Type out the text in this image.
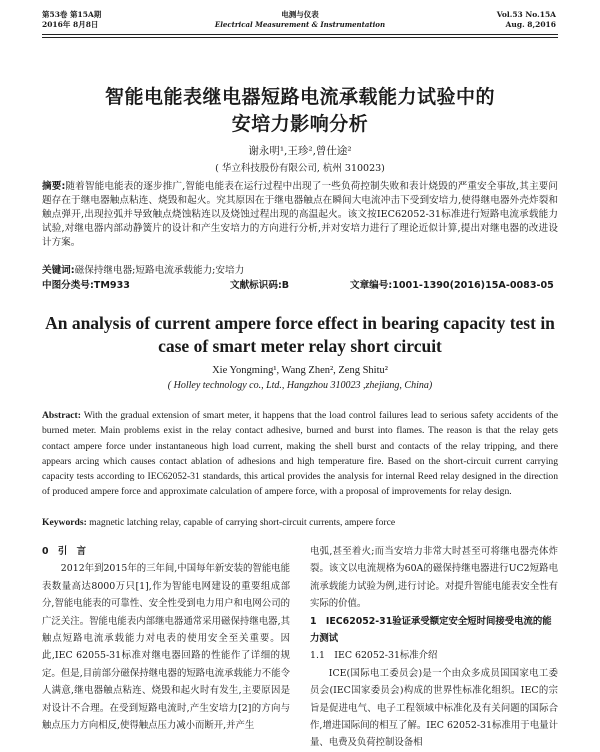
第53卷 第15A期
2016年 8月8日
电测与仪表
Electrical Measurement & Instrumentation
Vol.53 No.15A
Aug. 8,2016
智能电能表继电器短路电流承载能力试验中的
安培力影响分析
谢永明¹,王珍²,曾仕途²
( 华立科技股份有限公司, 杭州 310023)
摘要:随着智能电能表的逐步推广,智能电能表在运行过程中出现了一些负荷控制失败和表计烧毁的严重安全事故,其主要问题存在于继电器触点粘连、烧毁和起火。究其原因在于继电器触点在瞬间大电流冲击下受到安培力,使得继电器外壳炸裂和触点弹开,出现拉弧并导致触点烧蚀粘连以及烧蚀过程出现的高温起火。该文按IEC62052-31标准进行短路电流承载能力试验,对继电器内部动静簧片的设计和产生安培力的方向进行分析,并对安培力进行了理论近似计算,提出对继电器的改进设计方案。
关键词:磁保持继电器;短路电流承载能力;安培力
中图分类号:TM933	文献标识码:B	文章编号:1001-1390(2016)15A-0083-05
An analysis of current ampere force effect in bearing capacity test in
case of smart meter relay short circuit
Xie Yongming¹, Wang Zhen², Zeng Shitu²
( Holley technology co., Ltd., Hangzhou 310023 ,zhejiang, China)
Abstract: With the gradual extension of smart meter, it happens that the load control failures lead to serious safety accidents of the burned meter. Main problems exist in the relay contact adhesive, burned and burst into flames. The reason is that the relay gets contact ampere force under instantaneous high load current, making the shell burst and contacts of the relay tripping, and there appears arcing which causes contact ablation of adhesions and high temperature fire. Based on the short-circuit current carrying capacity tests according to IEC62052-31 standards, this artical provides the analysis for internal Reed relay designed in the direction of produced ampere force and approximate calculation of ampere force, with a proposal of improvements for relay design.
Keywords: magnetic latching relay, capable of carrying short-circuit currents, ampere force
0　引　言

2012年到2015年的三年间,中国每年新安装的智能电能表数量高达8000万只[1],作为智能电网建设的重要组成部分,智能电能表的可靠性、安全性受到电力用户和电网公司的广泛关注。智能电能表内部继电器通常采用磁保持继电器,其触点短路电流承载能力对电表的使用安全至关重要。因此,IEC 62055-31标准对继电器回路的性能作了详细的规定。但是,目前部分磁保持继电器的短路电流承载能力不能令人满意,继电器触点粘连、烧毁和起火时有发生,主要原因是对设计不合理。在受到短路电流时,产生安培力[2]的方向与触点压力方向相反,使得触点压力减小而断开,并产生

电弧,甚至着火;而当安培力非常大时甚至可将继电器壳体炸裂。该文以电流规格为60A的磁保持继电器进行UC2短路电流承载能力试验为例,进行讨论。对提升智能电能表安全性有实际的价值。

1　IEC62052-31验证承受额定安全短时间接受电流的能力测试
1.1　IEC 62052-31标准介绍

ICE(国际电工委员会)是一个由众多成员国国家电工委员会(IEC国家委员会)构成的世界性标准化组织。IEC的宗旨是促进电气、电子工程领域中标准化及有关问题的国际合作,增进国际间的相互了解。IEC 62052-31标准用于电量计量、电费及负荷控制设备相
